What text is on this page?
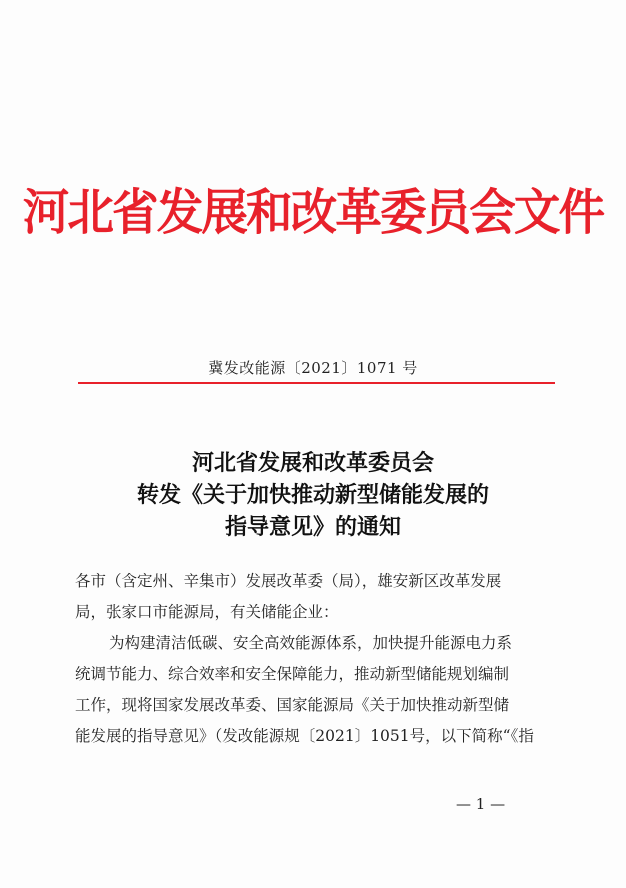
河北省发展和改革委员会文件
冀发改能源〔2021〕1071 号
河北省发展和改革委员会
转发《关于加快推动新型储能发展的
指导意见》的通知
各市（含定州、辛集市）发展改革委（局），雄安新区改革发展
局，张家口市能源局，有关储能企业：
为构建清洁低碳、安全高效能源体系，加快提升能源电力系
统调节能力、综合效率和安全保障能力，推动新型储能规划编制
工作，现将国家发展改革委、国家能源局《关于加快推动新型储
能发展的指导意见》（发改能源规〔2021〕1051号，以下简称“《指
— 1 —
